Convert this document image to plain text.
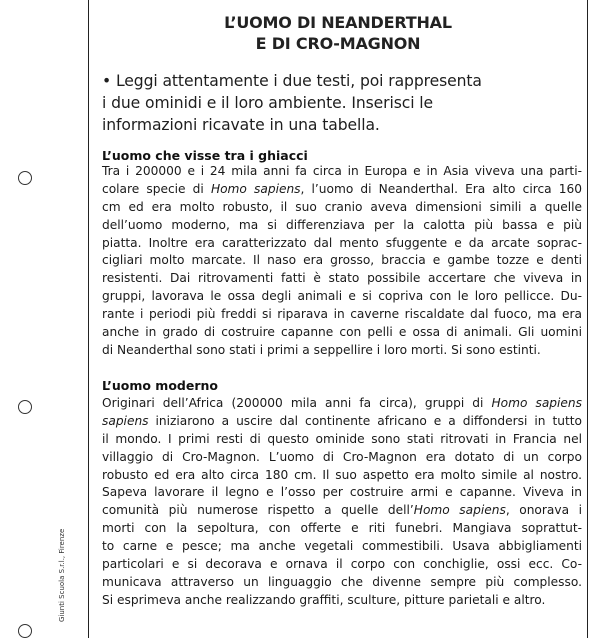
Giunti Scuola S.r.l., Firenze
L’UOMO DI NEANDERTHAL
E DI CRO-MAGNON
• Leggi attentamente i due testi, poi rappresenta
i due ominidi e il loro ambiente. Inserisci le
informazioni ricavate in una tabella.
L’uomo che visse tra i ghiacci
Tra i 200000 e i 24 mila anni fa circa in Europa e in Asia viveva una parti-
colare specie di Homo sapiens, l’uomo di Neanderthal. Era alto circa 160
cm ed era molto robusto, il suo cranio aveva dimensioni simili a quelle
dell’uomo moderno, ma si differenziava per la calotta più bassa e più
piatta. Inoltre era caratterizzato dal mento sfuggente e da arcate soprac-
cigliari molto marcate. Il naso era grosso, braccia e gambe tozze e denti
resistenti. Dai ritrovamenti fatti è stato possibile accertare che viveva in
gruppi, lavorava le ossa degli animali e si copriva con le loro pellicce. Du-
rante i periodi più freddi si riparava in caverne riscaldate dal fuoco, ma era
anche in grado di costruire capanne con pelli e ossa di animali. Gli uomini
di Neanderthal sono stati i primi a seppellire i loro morti. Si sono estinti.
L’uomo moderno
Originari dell’Africa (200000 mila anni fa circa), gruppi di Homo sapiens
sapiens iniziarono a uscire dal continente africano e a diffondersi in tutto
il mondo. I primi resti di questo ominide sono stati ritrovati in Francia nel
villaggio di Cro-Magnon. L’uomo di Cro-Magnon era dotato di un corpo
robusto ed era alto circa 180 cm. Il suo aspetto era molto simile al nostro.
Sapeva lavorare il legno e l’osso per costruire armi e capanne. Viveva in
comunità più numerose rispetto a quelle dell’Homo sapiens, onorava i
morti con la sepoltura, con offerte e riti funebri. Mangiava soprattut-
to carne e pesce; ma anche vegetali commestibili. Usava abbigliamenti
particolari e si decorava e ornava il corpo con conchiglie, ossi ecc. Co-
municava attraverso un linguaggio che divenne sempre più complesso.
Si esprimeva anche realizzando graffiti, sculture, pitture parietali e altro.
